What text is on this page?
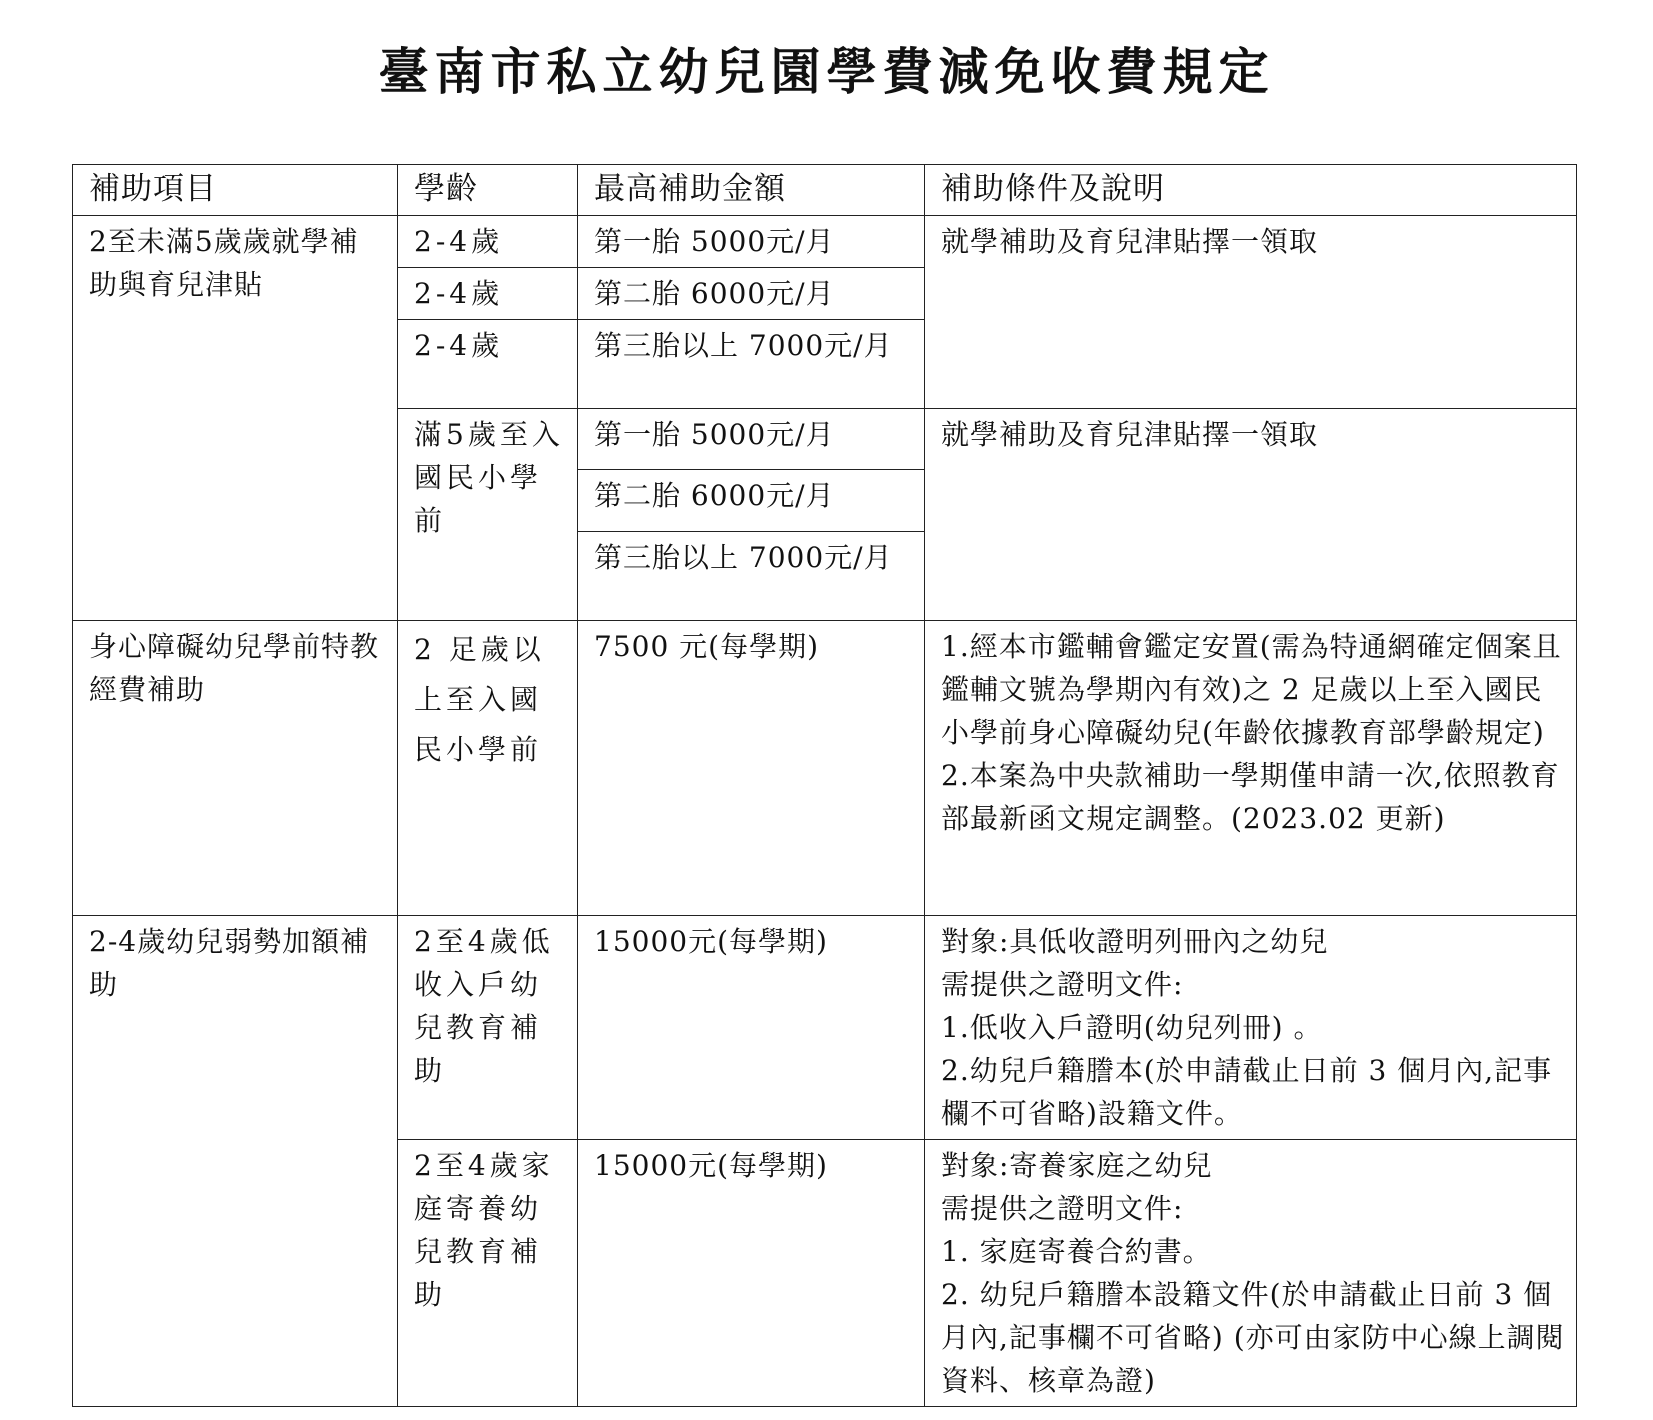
臺南市私立幼兒園學費減免收費規定
補助項目	學齡	最高補助金額	補助條件及說明

2至未滿5歲歲就學補助與育兒津貼	2-4歲	第一胎 5000元/月	就學補助及育兒津貼擇一領取

	2-4歲	第二胎 6000元/月	

	2-4歲	第三胎以上 7000元/月	

	滿5歲至入國民小學前	第一胎 5000元/月	就學補助及育兒津貼擇一領取

		第二胎 6000元/月	

		第三胎以上 7000元/月	

身心障礙幼兒學前特教經費補助	2 足歲以上至入國民小學前	7500 元(每學期)	1.經本市鑑輔會鑑定安置(需為特通網確定個案且鑑輔文號為學期內有效)之 2 足歲以上至入國民小學前身心障礙幼兒(年齡依據教育部學齡規定)
2.本案為中央款補助一學期僅申請一次,依照教育部最新函文規定調整。(2023.02 更新)

2-4歲幼兒弱勢加額補助	2至4歲低收入戶幼兒教育補助	15000元(每學期)	對象:具低收證明列冊內之幼兒
需提供之證明文件:
1.低收入戶證明(幼兒列冊) 。
2.幼兒戶籍謄本(於申請截止日前 3 個月內,記事欄不可省略)設籍文件。

	2至4歲家庭寄養幼兒教育補助	15000元(每學期)	對象:寄養家庭之幼兒
需提供之證明文件:
1. 家庭寄養合約書。
2. 幼兒戶籍謄本設籍文件(於申請截止日前 3 個月內,記事欄不可省略) (亦可由家防中心線上調閱資料、核章為證)
